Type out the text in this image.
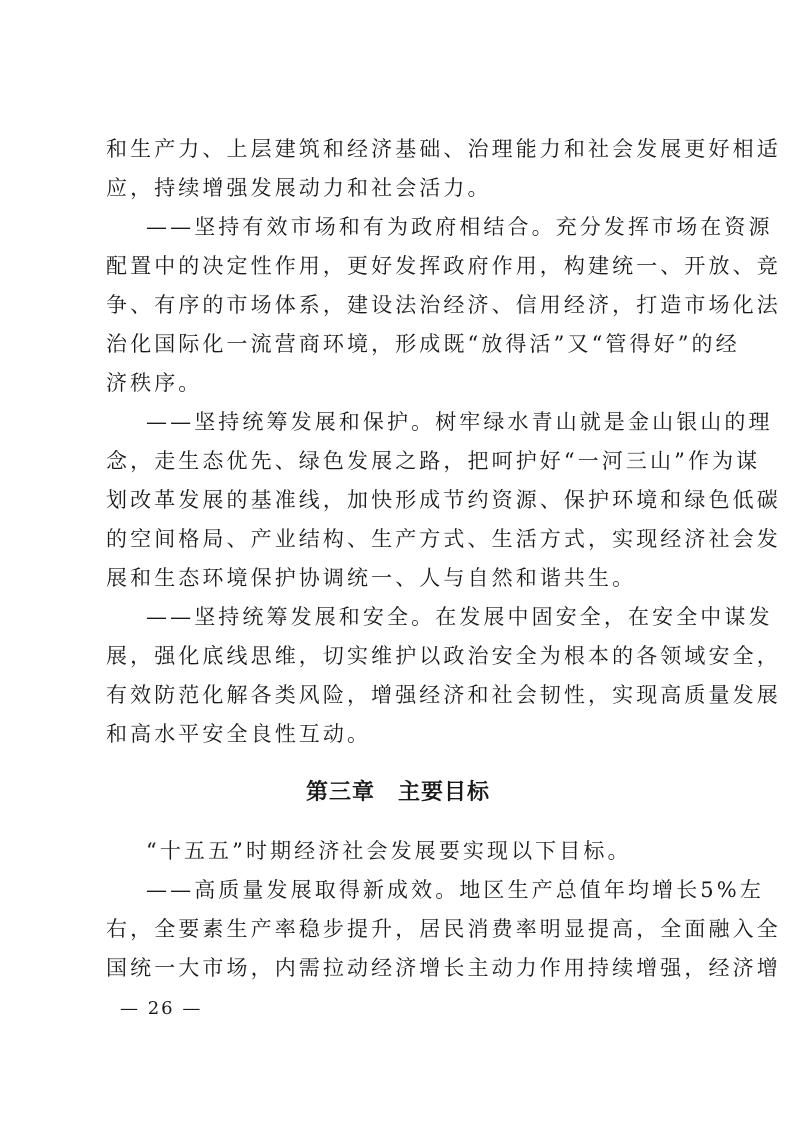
和生产力、上层建筑和经济基础、治理能力和社会发展更好相适
应，持续增强发展动力和社会活力。
——坚持有效市场和有为政府相结合。充分发挥市场在资源
配置中的决定性作用，更好发挥政府作用，构建统一、开放、竞
争、有序的市场体系，建设法治经济、信用经济，打造市场化法
治化国际化一流营商环境，形成既“放得活”又“管得好”的经
济秩序。
——坚持统筹发展和保护。树牢绿水青山就是金山银山的理
念，走生态优先、绿色发展之路，把呵护好“一河三山”作为谋
划改革发展的基准线，加快形成节约资源、保护环境和绿色低碳
的空间格局、产业结构、生产方式、生活方式，实现经济社会发
展和生态环境保护协调统一、人与自然和谐共生。
——坚持统筹发展和安全。在发展中固安全，在安全中谋发
展，强化底线思维，切实维护以政治安全为根本的各领域安全，
有效防范化解各类风险，增强经济和社会韧性，实现高质量发展
和高水平安全良性互动。
第三章　主要目标
“十五五”时期经济社会发展要实现以下目标。
——高质量发展取得新成效。地区生产总值年均增长5%左
右，全要素生产率稳步提升，居民消费率明显提高，全面融入全
国统一大市场，内需拉动经济增长主动力作用持续增强，经济增
— 26 —
